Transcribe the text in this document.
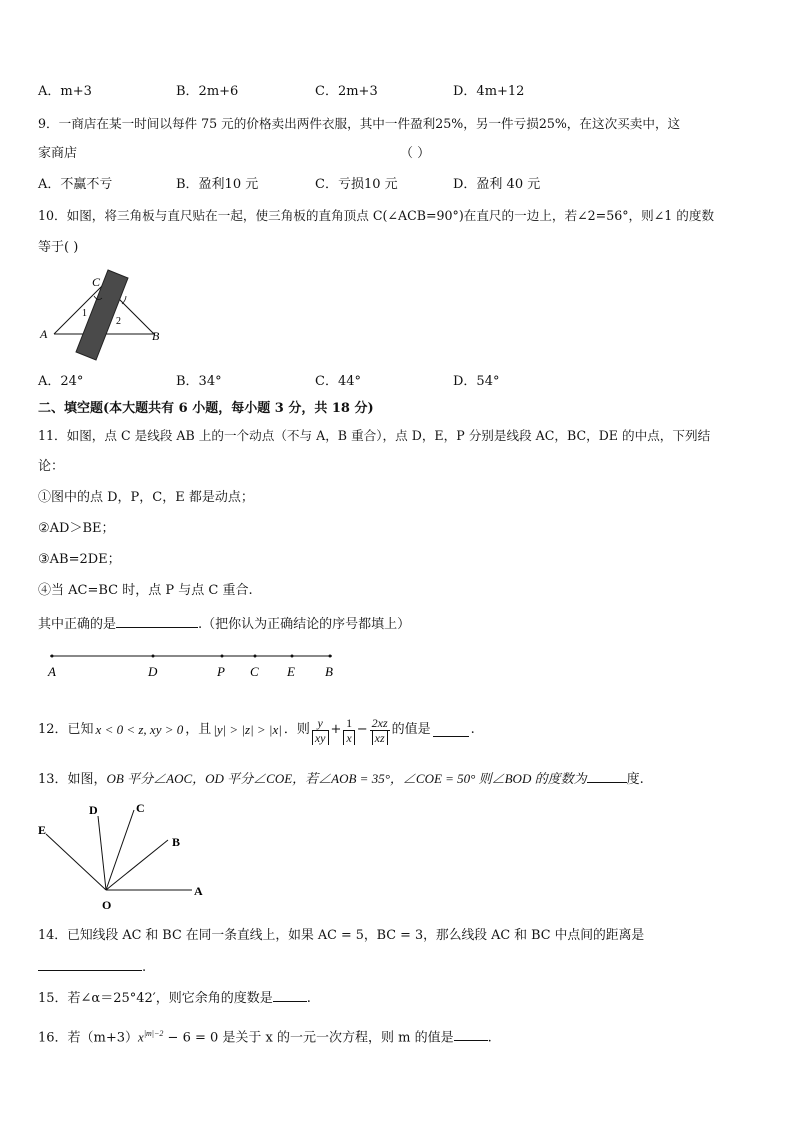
A．m+3	B．2m+6	C．2m+3	D．4m+12
9．一商店在某一时间以每件 75 元的价格卖出两件衣服，其中一件盈利25%，另一件亏损25%，在这次买卖中，这
家商店	（ ）
A．不赢不亏	B．盈利10 元	C．亏损10 元	D．盈利 40 元
10．如图，将三角板与直尺贴在一起，使三角板的直角顶点 C(∠ACB=90°)在直尺的一边上，若∠2=56°，则∠1 的度数
等于( )
C
A	B
1
2
A．24°	B．34°	C．44°	D．54°
二、填空题(本大题共有 6 小题，每小题 3 分，共 18 分)
11．如图，点 C 是线段 AB 上的一个动点（不与 A，B 重合），点 D，E，P 分别是线段 AC，BC，DE 的中点，下列结
论：
①图中的点 D，P，C，E 都是动点；
②AD＞BE；
③AB=2DE；
④当 AC=BC 时，点 P 与点 C 重合.
其中正确的是	.（把你认为正确结论的序号都填上）
A	D	P C E B
12．已知 x < 0 < z, xy > 0 ，且 |y| > |z| > |x| ．则 $\frac{y}{xy} + \frac{1}{x} - \frac{2xz}{xz}$ 的值是	.
13．如图，OB 平分∠AOC，OD 平分∠COE，若∠AOB = 35°，∠COE = 50° 则∠BOD 的度数为	度.
O
A
B
C
D
E
14．已知线段 AC 和 BC 在同一条直线上，如果 AC = 5，BC = 3，那么线段 AC 和 BC 中点间的距离是
.
15．若∠α＝25°42′，则它余角的度数是	.
16．若$(m+3)x^{|m|-2} - 6 = 0$ 是关于 x 的一元一次方程，则 m 的值是	.
